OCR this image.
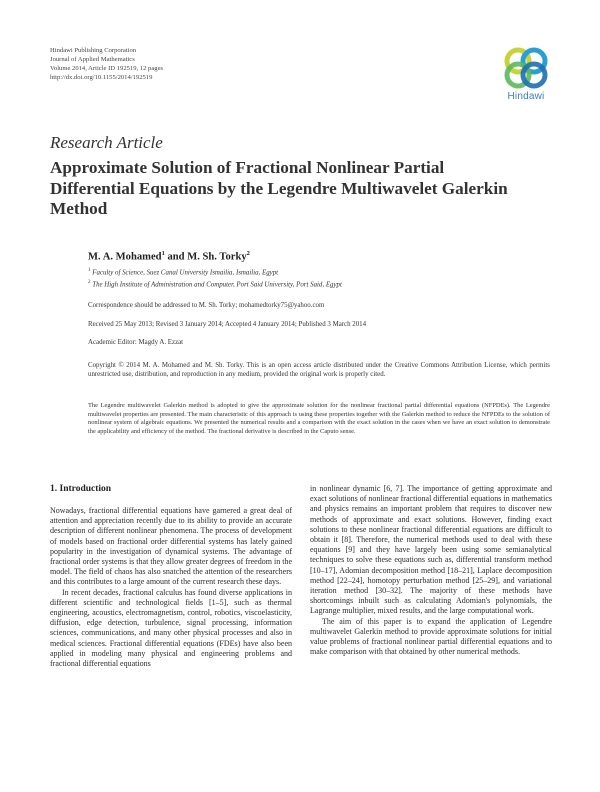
Hindawi Publishing Corporation
Journal of Applied Mathematics
Volume 2014, Article ID 192519, 12 pages
http://dx.doi.org/10.1155/2014/192519
Hindawi
Research Article
Approximate Solution of Fractional Nonlinear Partial Differential Equations by the Legendre Multiwavelet Galerkin Method
M. A. Mohamed$^1$ and M. Sh. Torky$^2$
$^1$ Faculty of Science, Suez Canal University Ismailia, Ismailia, Egypt
$^2$ The High Institute of Administration and Computer, Port Said University, Port Said, Egypt
Correspondence should be addressed to M. Sh. Torky; mohamedtorky75@yahoo.com
Received 25 May 2013; Revised 3 January 2014; Accepted 4 January 2014; Published 3 March 2014
Academic Editor: Magdy A. Ezzat
Copyright © 2014 M. A. Mohamed and M. Sh. Torky. This is an open access article distributed under the Creative Commons Attribution License, which permits unrestricted use, distribution, and reproduction in any medium, provided the original work is properly cited.
The Legendre multiwavelet Galerkin method is adopted to give the approximate solution for the nonlinear fractional partial differential equations (NFPDEs). The Legendre multiwavelet properties are presented. The main characteristic of this approach is using these properties together with the Galerkin method to reduce the NFPDEs to the solution of nonlinear system of algebraic equations. We presented the numerical results and a comparison with the exact solution in the cases when we have an exact solution to demonstrate the applicability and efficiency of the method. The fractional derivative is described in the Caputo sense.
1. Introduction

Nowadays, fractional differential equations have garnered a great deal of attention and appreciation recently due to its ability to provide an accurate description of different nonlinear phenomena. The process of development of models based on fractional order differential systems has lately gained popularity in the investigation of dynamical systems. The advantage of fractional order systems is that they allow greater degrees of freedom in the model. The field of chaos has also snatched the attention of the researchers and this contributes to a large amount of the current research these days.

In recent decades, fractional calculus has found diverse applications in different scientific and technological fields [1–5], such as thermal engineering, acoustics, electromagnetism, control, robotics, viscoelasticity, diffusion, edge detection, turbulence, signal processing, information sciences, communications, and many other physical processes and also in medical sciences. Fractional differential equations (FDEs) have also been applied in modeling many physical and engineering problems and fractional differential equations

in nonlinear dynamic [6, 7]. The importance of getting approximate and exact solutions of nonlinear fractional differential equations in mathematics and physics remains an important problem that requires to discover new methods of approximate and exact solutions. However, finding exact solutions to these nonlinear fractional differential equations are difficult to obtain it [8]. Therefore, the numerical methods used to deal with these equations [9] and they have largely been using some semianalytical techniques to solve these equations such as, differential transform method [10–17], Adomian decomposition method [18–21], Laplace decomposition method [22–24], homotopy perturbation method [25–29], and variational iteration method [30–32]. The majority of these methods have shortcomings inbuilt such as calculating Adomian's polynomials, the Lagrange multiplier, mixed results, and the large computational work.

The aim of this paper is to expand the application of Legendre multiwavelet Galerkin method to provide approximate solutions for initial value problems of fractional nonlinear partial differential equations and to make comparison with that obtained by other numerical methods.
